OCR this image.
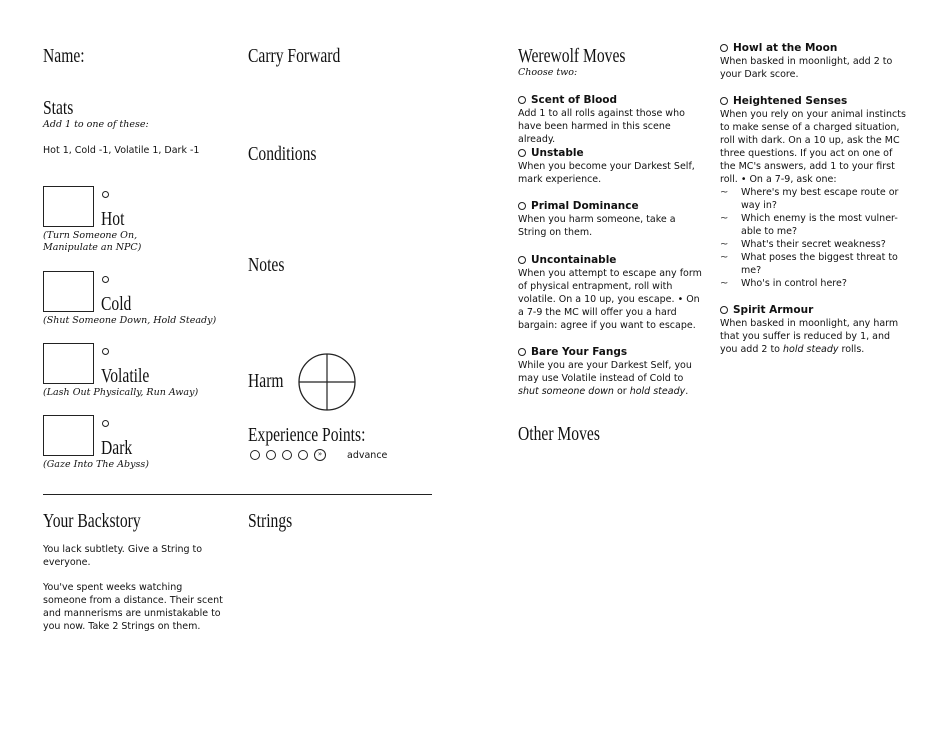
Name:
Stats
Add 1 to one of these:
Hot 1, Cold -1, Volatile 1, Dark -1
Hot
(Turn Someone On, Manipulate an NPC)
Cold
(Shut Someone Down, Hold Steady)
Volatile
(Lash Out Physically, Run Away)
Dark
(Gaze Into The Abyss)
Carry Forward
Conditions
Notes
Harm
Experience Points:
»	advance
Your Backstory
You lack subtlety. Give a String to everyone.
You've spent weeks watching someone from a distance. Their scent and mannerisms are unmistakable to you now. Take 2 Strings on them.
Strings
Werewolf Moves
Choose two:
Scent of Blood
Add 1 to all rolls against those who have been harmed in this scene already.
Unstable
When you become your Darkest Self, mark experience.
Primal Dominance
When you harm someone, take a String on them.
Uncontainable
When you attempt to escape any form of physical entrapment, roll with volatile. On a 10 up, you escape. • On a 7-9 the MC will offer you a hard bargain: agree if you want to escape.
Bare Your Fangs
While you are your Darkest Self, you may use Volatile instead of Cold to shut someone down or hold steady.
Other Moves
Howl at the Moon
When basked in moonlight, add 2 to your Dark score.
Heightened Senses
When you rely on your animal instincts to make sense of a charged situation, roll with dark. On a 10 up, ask the MC three questions. If you act on one of the MC's answers, add 1 to your first roll. • On a 7-9, ask one:
~	Where's my best escape route or way in?
~	Which enemy is the most vulner-able to me?
~	What's their secret weakness?
~	What poses the biggest threat to me?
~	Who's in control here?
Spirit Armour
When basked in moonlight, any harm that you suffer is reduced by 1, and you add 2 to hold steady rolls.
